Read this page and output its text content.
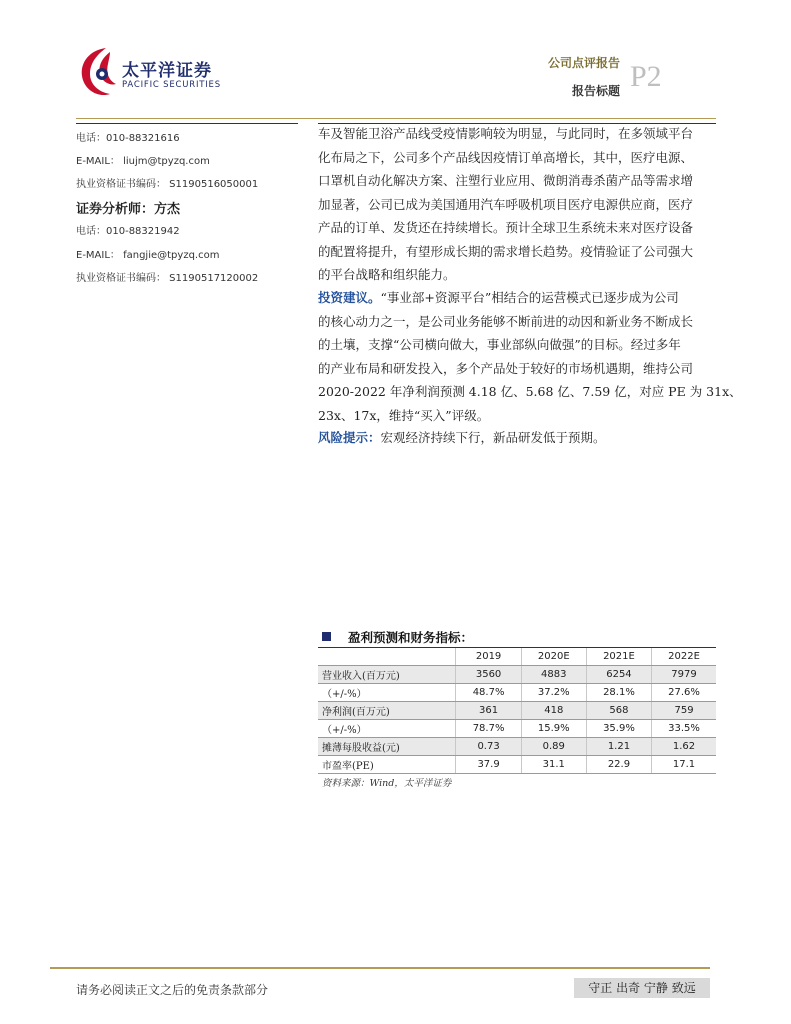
太平洋证券
PACIFIC SECURITIES
公司点评报告
报告标题 P2
电话：010-88321616
E-MAIL： liujm@tpyzq.com
执业资格证书编码： S1190516050001
证券分析师：方杰
电话：010-88321942
E-MAIL： fangjie@tpyzq.com
执业资格证书编码： S1190517120002
车及智能卫浴产品线受疫情影响较为明显，与此同时，在多领域平台
化布局之下，公司多个产品线因疫情订单高增长，其中，医疗电源、
口罩机自动化解决方案、注塑行业应用、微朗消毒杀菌产品等需求增
加显著，公司已成为美国通用汽车呼吸机项目医疗电源供应商，医疗
产品的订单、发货还在持续增长。预计全球卫生系统未来对医疗设备
的配置将提升，有望形成长期的需求增长趋势。疫情验证了公司强大
的平台战略和组织能力。
投资建议。“事业部+资源平台”相结合的运营模式已逐步成为公司
的核心动力之一，是公司业务能够不断前进的动因和新业务不断成长
的土壤，支撑“公司横向做大，事业部纵向做强”的目标。经过多年
的产业布局和研发投入，多个产品处于较好的市场机遇期，维持公司
2020-2022 年净利润预测 4.18 亿、5.68 亿、7.59 亿，对应 PE 为 31x、
23x、17x，维持“买入”评级。
风险提示：宏观经济持续下行，新品研发低于预期。
盈利预测和财务指标：
	2019	2020E	2021E	2022E
营业收入(百万元)	3560	4883	6254	7979
（+/-%）	48.7%	37.2%	28.1%	27.6%
净利润(百万元)	361	418	568	759
（+/-%）	78.7%	15.9%	35.9%	33.5%
摊薄每股收益(元)	0.73	0.89	1.21	1.62
市盈率(PE)	37.9	31.1	22.9	17.1
资料来源：Wind，太平洋证券
请务必阅读正文之后的免责条款部分	守正 出奇 宁静 致远
